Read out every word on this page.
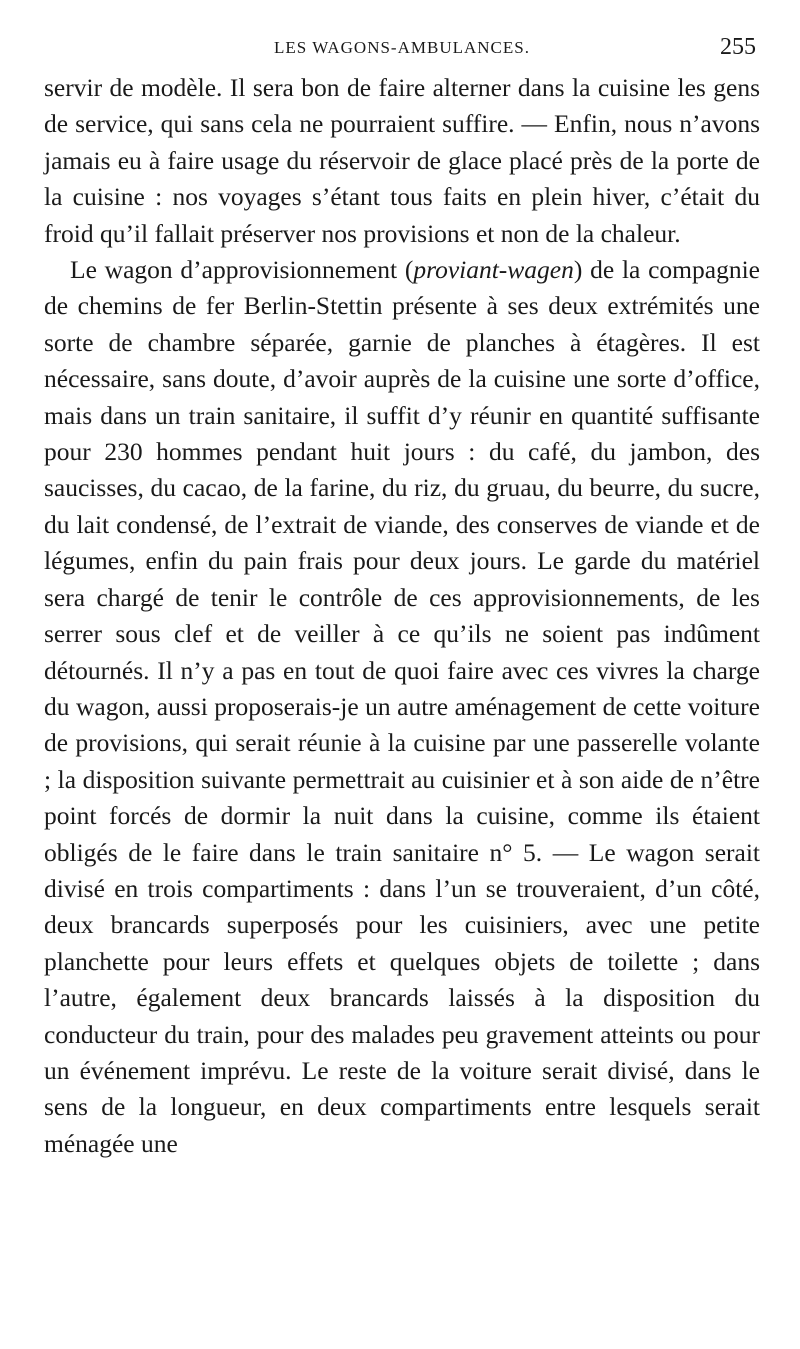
LES WAGONS-AMBULANCES.	255

servir de modèle. Il sera bon de faire alterner dans la cuisine les gens de service, qui sans cela ne pourraient suffire. — Enfin, nous n’avons jamais eu à faire usage du réservoir de glace placé près de la porte de la cuisine : nos voyages s’étant tous faits en plein hiver, c’était du froid qu’il fallait préserver nos provisions et non de la chaleur.

Le wagon d’approvisionnement (proviant-wagen) de la compagnie de chemins de fer Berlin-Stettin présente à ses deux extrémités une sorte de chambre séparée, garnie de planches à étagères. Il est nécessaire, sans doute, d’avoir auprès de la cuisine une sorte d’office, mais dans un train sanitaire, il suffit d’y réunir en quantité suffisante pour 230 hommes pendant huit jours : du café, du jambon, des saucisses, du cacao, de la farine, du riz, du gruau, du beurre, du sucre, du lait condensé, de l’extrait de viande, des conserves de viande et de légumes, enfin du pain frais pour deux jours. Le garde du matériel sera chargé de tenir le contrôle de ces approvisionnements, de les serrer sous clef et de veiller à ce qu’ils ne soient pas indûment détournés. Il n’y a pas en tout de quoi faire avec ces vivres la charge du wagon, aussi proposerais-je un autre aménagement de cette voiture de provisions, qui serait réunie à la cuisine par une passerelle volante ; la disposition suivante permettrait au cuisinier et à son aide de n’être point forcés de dormir la nuit dans la cuisine, comme ils étaient obligés de le faire dans le train sanitaire n° 5. — Le wagon serait divisé en trois compartiments : dans l’un se trouveraient, d’un côté, deux brancards superposés pour les cuisiniers, avec une petite planchette pour leurs effets et quelques objets de toilette ; dans l’autre, également deux brancards laissés à la disposition du conducteur du train, pour des malades peu gravement atteints ou pour un événement imprévu. Le reste de la voiture serait divisé, dans le sens de la longueur, en deux compartiments entre lesquels serait ménagée une
